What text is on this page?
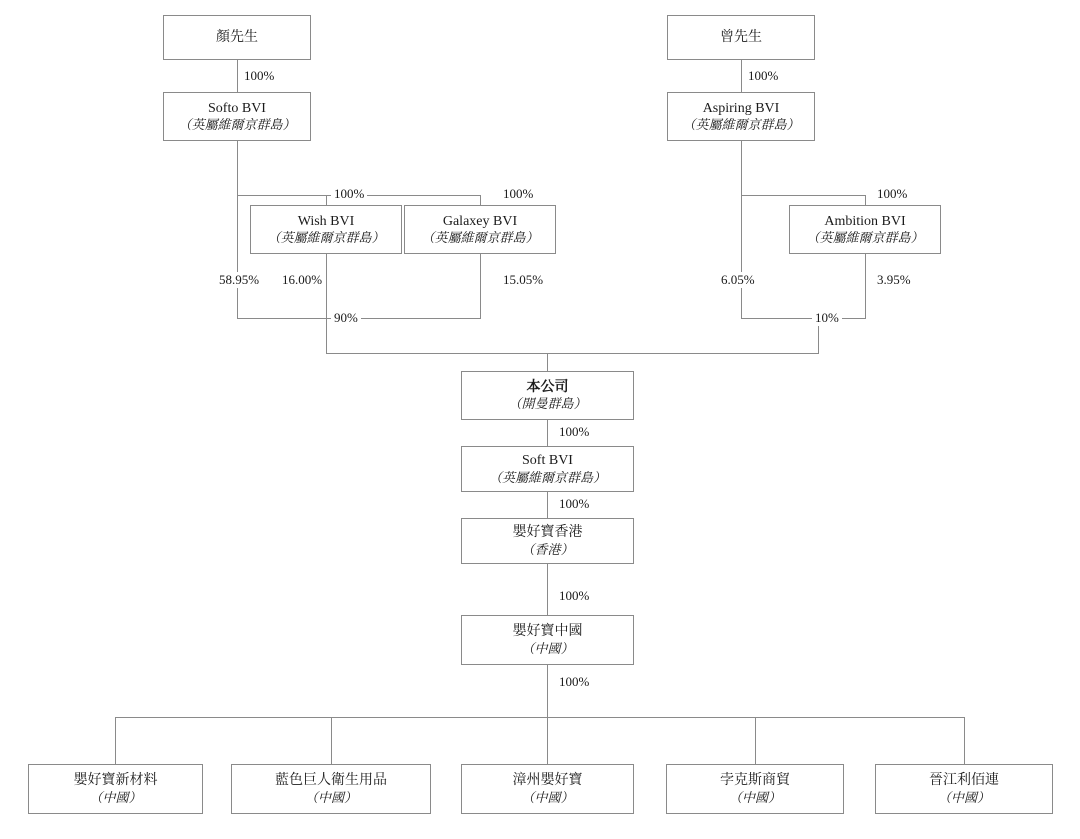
顏先生	曾先生
Softo BVI
（英屬維爾京群島）
Aspiring BVI
（英屬維爾京群島）
Wish BVI
（英屬維爾京群島）
Galaxey BVI
（英屬維爾京群島）
Ambition BVI
（英屬維爾京群島）
本公司
（開曼群島）
Soft BVI
（英屬維爾京群島）
嬰好寶香港
（香港）
嬰好寶中國
（中國）
嬰好寶新材料
（中國）
藍色巨人衛生用品
（中國）
漳州嬰好寶
（中國）
孛克斯商貿
（中國）
晉江利佰連
（中國）
100%	100%
100%	100%	100%
58.95% 16.00%	15.05%	6.05%	3.95%
90%	10%
100%
100%
100%
100%
